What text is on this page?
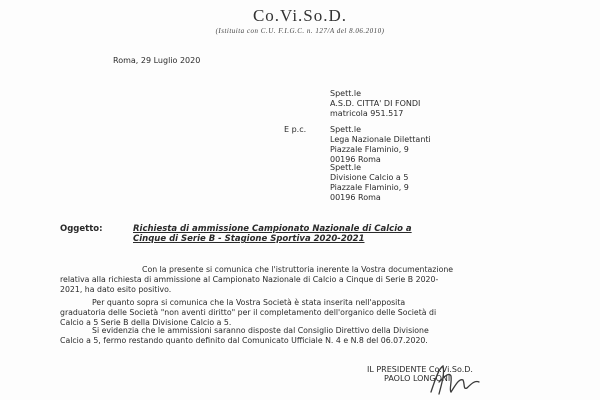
Co.Vi.So.D.
(Istituita con C.U. F.I.G.C. n. 127/A del 8.06.2010)
Roma, 29 Luglio 2020
Spett.le
A.S.D. CITTA' DI FONDI
matricola 951.517
E p.c.	Spett.le
Lega Nazionale Dilettanti
Piazzale Flaminio, 9
00196 Roma
Spett.le
Divisione Calcio a 5
Piazzale Flaminio, 9
00196 Roma
Oggetto:	Richiesta di ammissione Campionato Nazionale di Calcio a
Cinque di Serie B - Stagione Sportiva 2020-2021
Con la presente si comunica che l'istruttoria inerente la Vostra documentazione
relativa alla richiesta di ammissione al Campionato Nazionale di Calcio a Cinque di Serie B 2020-
2021, ha dato esito positivo.
Per quanto sopra si comunica che la Vostra Società è stata inserita nell'apposita
graduatoria delle Società "non aventi diritto" per il completamento dell'organico delle Società di
Calcio a 5 Serie B della Divisione Calcio a 5.
Si evidenzia che le ammissioni saranno disposte dal Consiglio Direttivo della Divisione
Calcio a 5, fermo restando quanto definito dal Comunicato Ufficiale N. 4 e N.8 del 06.07.2020.
IL PRESIDENTE Co.Vi.So.D.
PAOLO LONGONI
